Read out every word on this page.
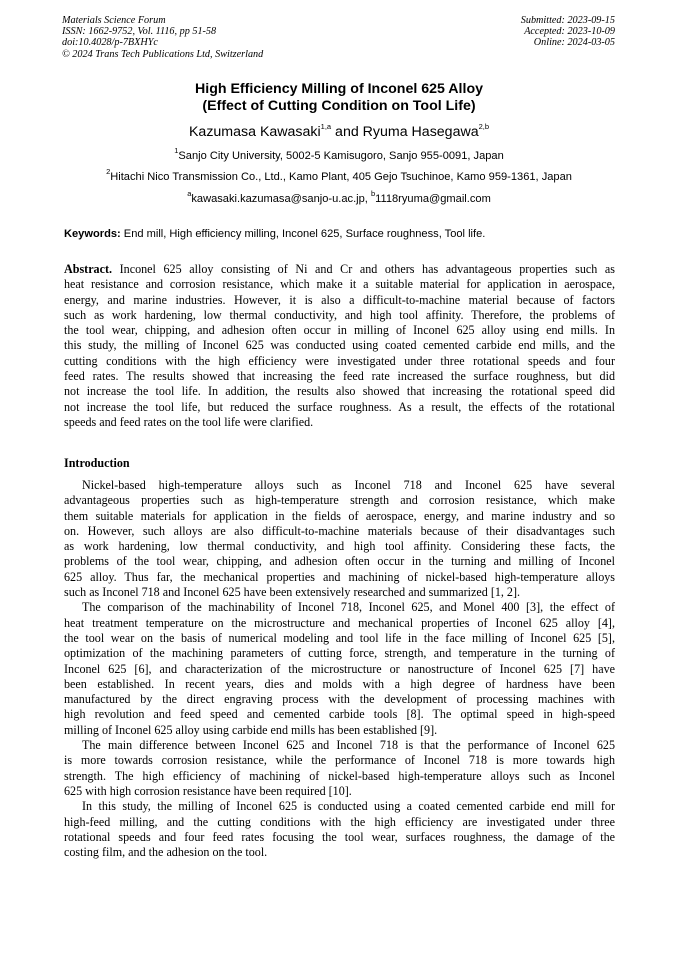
Materials Science Forum
ISSN: 1662-9752, Vol. 1116, pp 51-58
doi:10.4028/p-7BXHYc
© 2024 Trans Tech Publications Ltd, Switzerland
Submitted: 2023-09-15
Accepted: 2023-10-09
Online: 2024-03-05
High Efficiency Milling of Inconel 625 Alloy
(Effect of Cutting Condition on Tool Life)
Kazumasa Kawasaki$^{1,a}$ and Ryuma Hasegawa$^{2,b}$
$^1$Sanjo City University, 5002-5 Kamisugoro, Sanjo 955-0091, Japan
$^2$Hitachi Nico Transmission Co., Ltd., Kamo Plant, 405 Gejo Tsuchinoe, Kamo 959-1361, Japan
$^a$kawasaki.kazumasa@sanjo-u.ac.jp, $^b$1118ryuma@gmail.com
Keywords: End mill, High efficiency milling, Inconel 625, Surface roughness, Tool life.
Abstract. Inconel 625 alloy consisting of Ni and Cr and others has advantageous properties such as
heat resistance and corrosion resistance, which make it a suitable material for application in aerospace,
energy, and marine industries. However, it is also a difficult-to-machine material because of factors
such as work hardening, low thermal conductivity, and high tool affinity. Therefore, the problems of
the tool wear, chipping, and adhesion often occur in milling of Inconel 625 alloy using end mills. In
this study, the milling of Inconel 625 was conducted using coated cemented carbide end mills, and the
cutting conditions with the high efficiency were investigated under three rotational speeds and four
feed rates. The results showed that increasing the feed rate increased the surface roughness, but did
not increase the tool life. In addition, the results also showed that increasing the rotational speed did
not increase the tool life, but reduced the surface roughness. As a result, the effects of the rotational
speeds and feed rates on the tool life were clarified.
Introduction
Nickel-based high-temperature alloys such as Inconel 718 and Inconel 625 have several
advantageous properties such as high-temperature strength and corrosion resistance, which make
them suitable materials for application in the fields of aerospace, energy, and marine industry and so
on. However, such alloys are also difficult-to-machine materials because of their disadvantages such
as work hardening, low thermal conductivity, and high tool affinity. Considering these facts, the
problems of the tool wear, chipping, and adhesion often occur in the turning and milling of Inconel
625 alloy. Thus far, the mechanical properties and machining of nickel-based high-temperature alloys
such as Inconel 718 and Inconel 625 have been extensively researched and summarized [1, 2].
The comparison of the machinability of Inconel 718, Inconel 625, and Monel 400 [3], the effect of
heat treatment temperature on the microstructure and mechanical properties of Inconel 625 alloy [4],
the tool wear on the basis of numerical modeling and tool life in the face milling of Inconel 625 [5],
optimization of the machining parameters of cutting force, strength, and temperature in the turning of
Inconel 625 [6], and characterization of the microstructure or nanostructure of Inconel 625 [7] have
been established. In recent years, dies and molds with a high degree of hardness have been
manufactured by the direct engraving process with the development of processing machines with
high revolution and feed speed and cemented carbide tools [8]. The optimal speed in high-speed
milling of Inconel 625 alloy using carbide end mills has been established [9].
The main difference between Inconel 625 and Inconel 718 is that the performance of Inconel 625
is more towards corrosion resistance, while the performance of Inconel 718 is more towards high
strength. The high efficiency of machining of nickel-based high-temperature alloys such as Inconel
625 with high corrosion resistance have been required [10].
In this study, the milling of Inconel 625 is conducted using a coated cemented carbide end mill for
high-feed milling, and the cutting conditions with the high efficiency are investigated under three
rotational speeds and four feed rates focusing the tool wear, surfaces roughness, the damage of the
costing film, and the adhesion on the tool.
